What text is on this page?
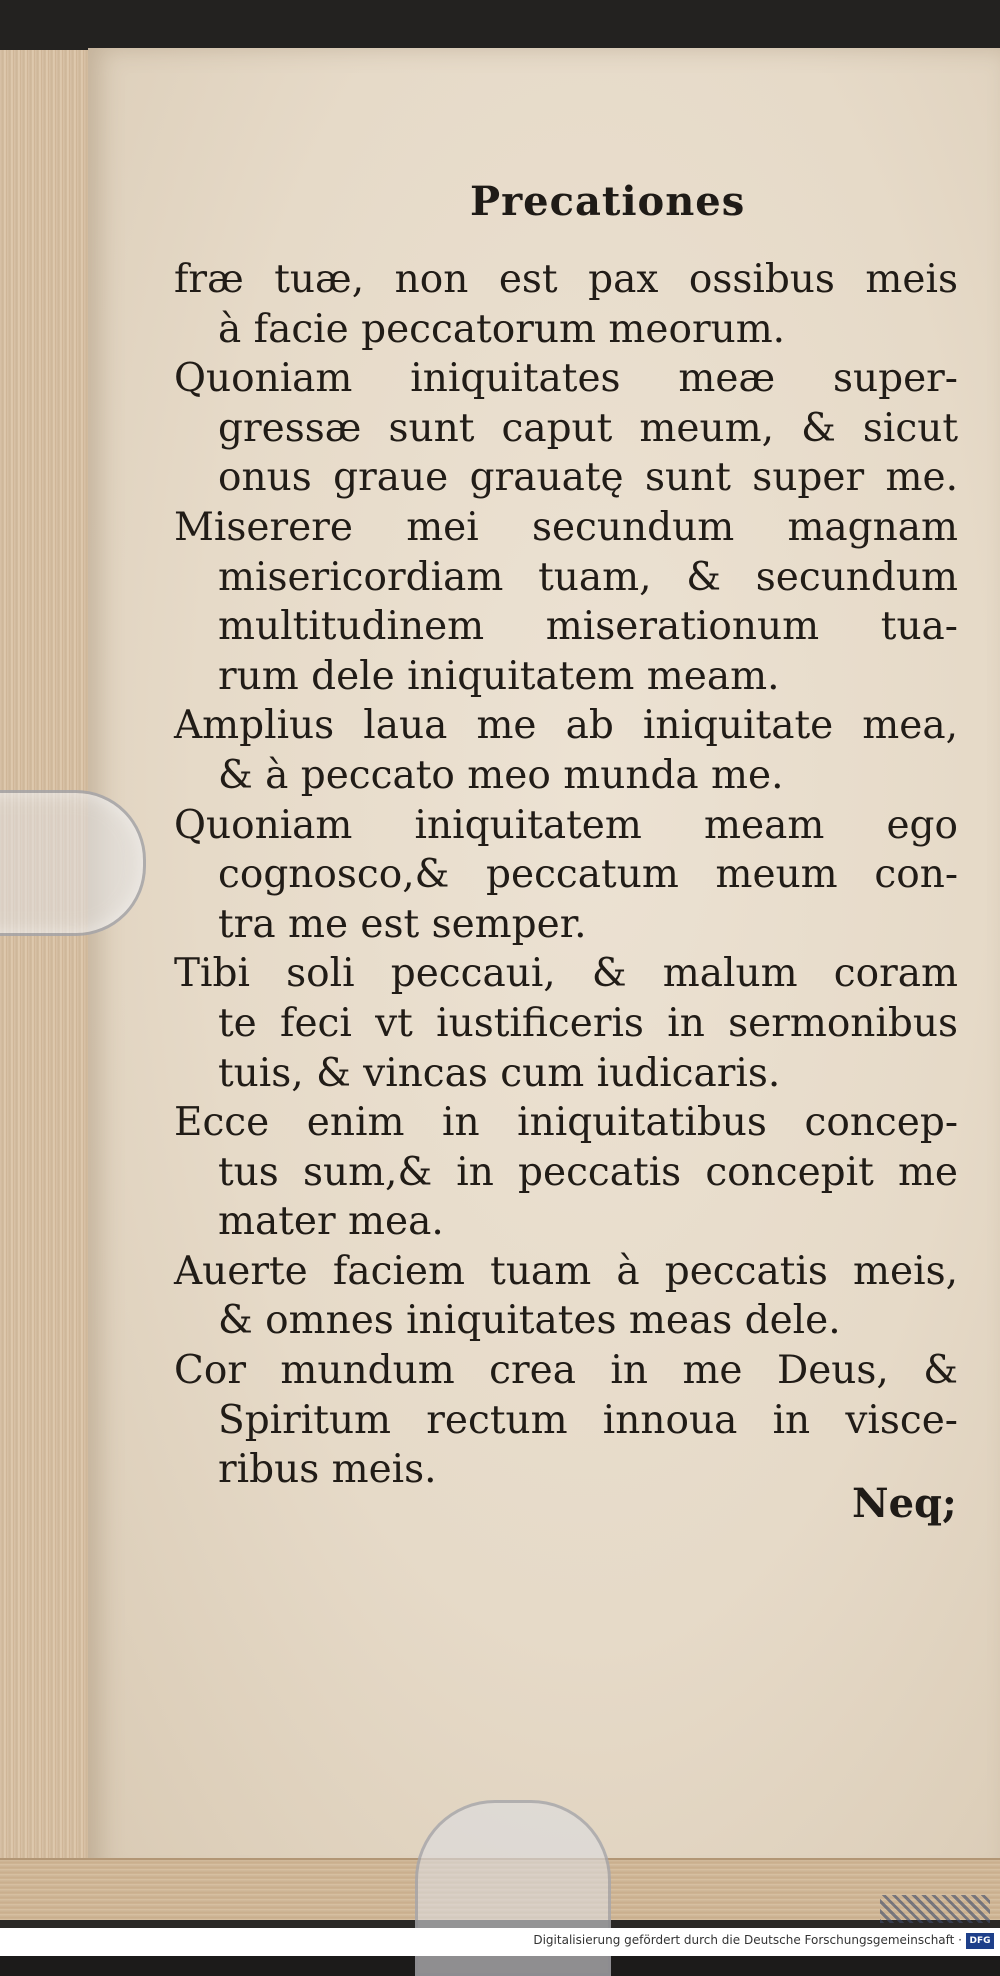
Precationes
fræ tuæ, non est pax ossibus meis
à facie peccatorum meorum.
Quoniam iniquitates meæ super-
gressæ sunt caput meum, & sicut
onus graue grauatę sunt super me.
Miserere mei secundum magnam
misericordiam tuam, & secundum
multitudinem miserationum tua-
rum dele iniquitatem meam.
Amplius laua me ab iniquitate mea,
& à peccato meo munda me.
Quoniam iniquitatem meam ego
cognosco,& peccatum meum con-
tra me est semper.
Tibi soli peccaui, & malum coram
te feci vt iustificeris in sermonibus
tuis, & vincas cum iudicaris.
Ecce enim in iniquitatibus concep-
tus sum,& in peccatis concepit me
mater mea.
Auerte faciem tuam à peccatis meis,
& omnes iniquitates meas dele.
Cor mundum crea in me Deus, &
Spiritum rectum innoua in visce-
ribus meis.
Neq;
Digitalisierung gefördert durch die Deutsche Forschungsgemeinschaft · DFG
